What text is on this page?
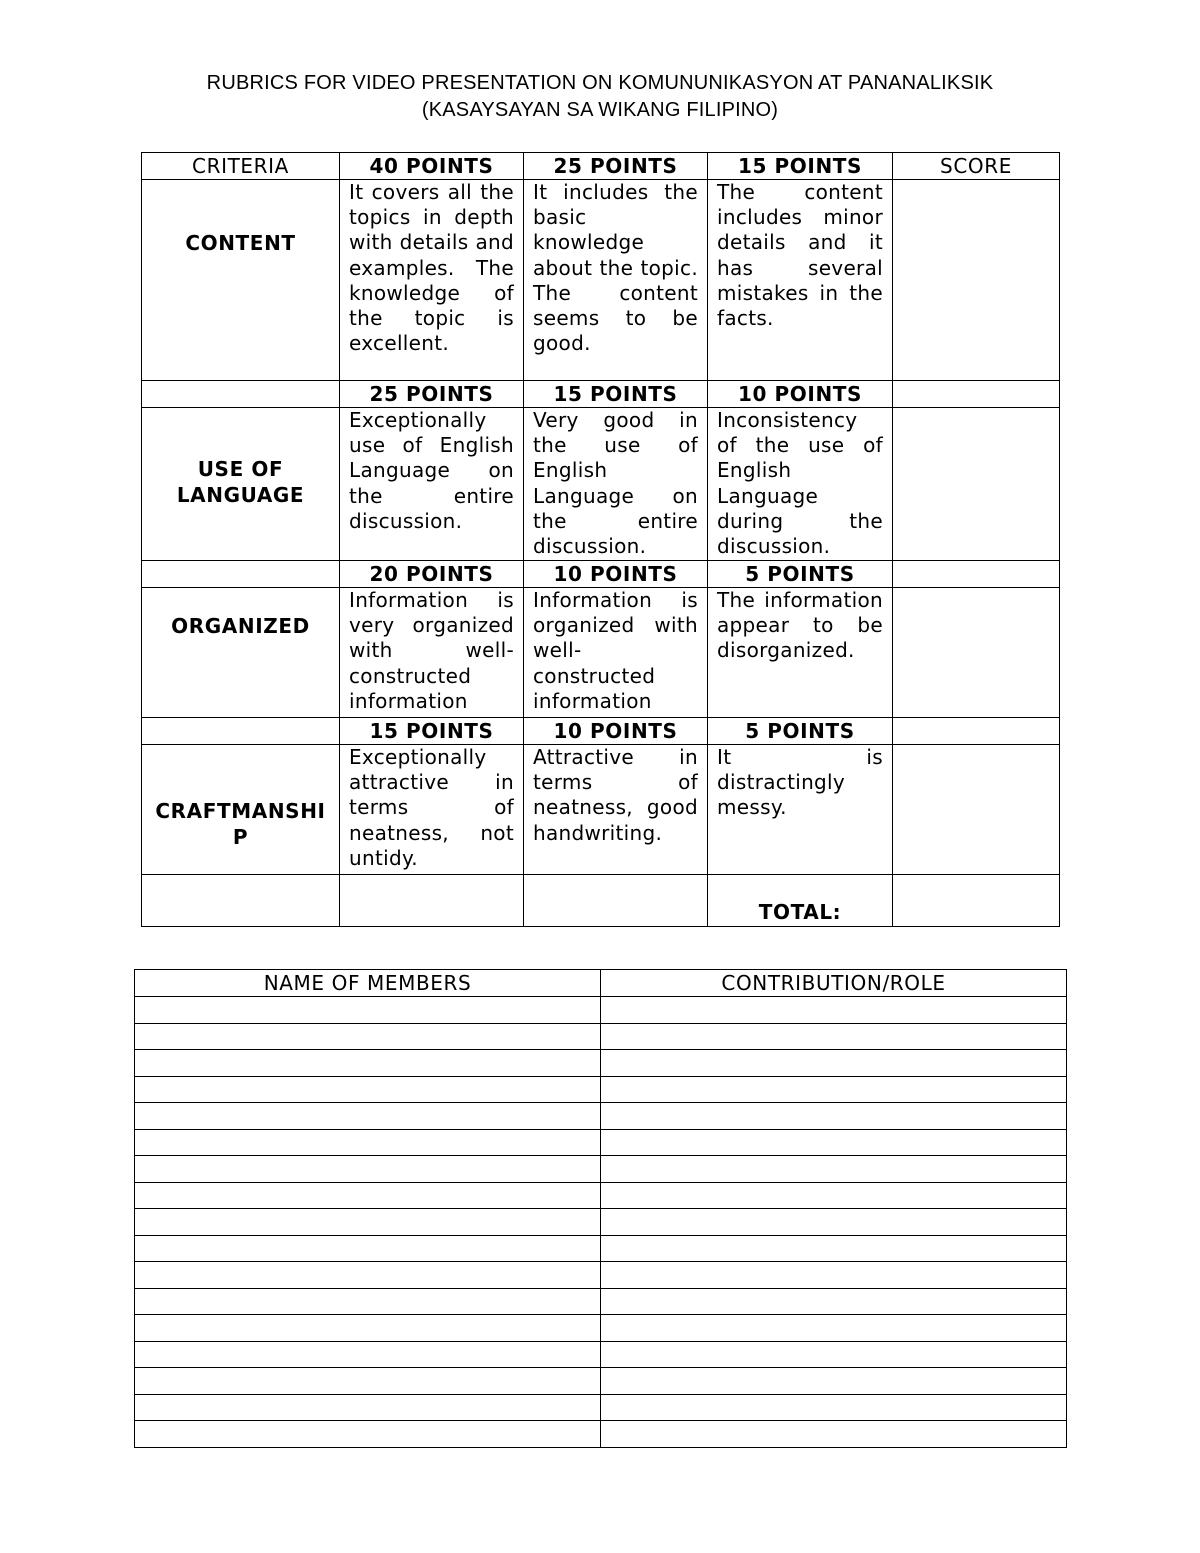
RUBRICS FOR VIDEO PRESENTATION ON KOMUNUNIKASYON AT PANANALIKSIK
(KASAYSAYAN SA WIKANG FILIPINO)
CRITERIA	40 POINTS	25 POINTS	15 POINTS	SCORE
CONTENT	It covers all the topics in depth with details and examples. The knowledge of the topic is excellent.	It includes the basic knowledge about the topic. The content seems to be good.	The content includes minor details and it has several mistakes in the facts.	

	25 POINTS	15 POINTS	10 POINTS	

USE OF LANGUAGE	Exceptionally use of English Language on the entire discussion.	Very good in the use of English Language on the entire discussion.	Inconsistency of the use of English Language during the discussion.	

	20 POINTS	10 POINTS	5 POINTS	
ORGANIZED	Information is very organized with well-constructed information	Information is organized with well-constructed information	The information appear to be disorganized.	

	15 POINTS	10 POINTS	5 POINTS	
CRAFTMANSHIP	Exceptionally attractive in terms of neatness, not untidy.	Attractive in terms of neatness, good handwriting.	It is distractingly messy.	

			TOTAL:	
NAME OF MEMBERS	CONTRIBUTION/ROLE
